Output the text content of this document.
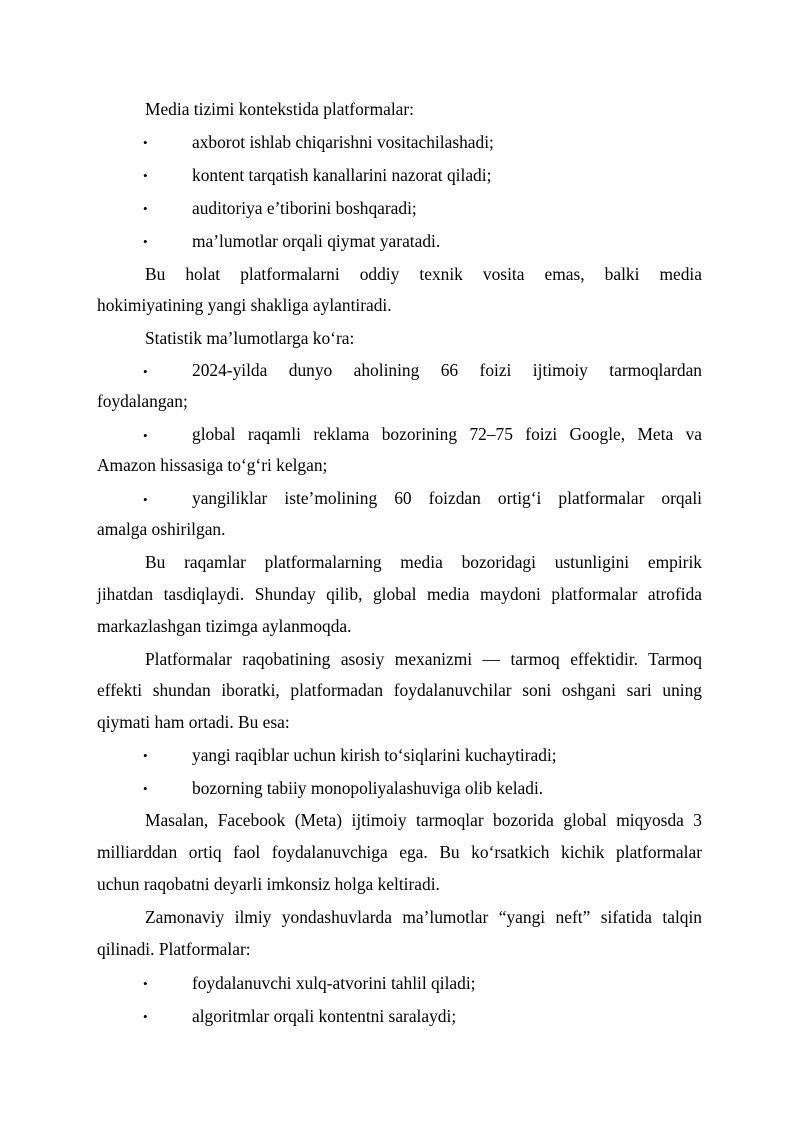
Media tizimi kontekstida platformalar:
•	axborot ishlab chiqarishni vositachilashadi;
•	kontent tarqatish kanallarini nazorat qiladi;
•	auditoriya e’tiborini boshqaradi;
•	ma’lumotlar orqali qiymat yaratadi.
Bu holat platformalarni oddiy texnik vosita emas, balki media
hokimiyatining yangi shakliga aylantiradi.
Statistik ma’lumotlarga ko‘ra:
•	2024-yilda dunyo aholining 66 foizi ijtimoiy tarmoqlardan
foydalangan;
•	global raqamli reklama bozorining 72–75 foizi Google, Meta va
Amazon hissasiga to‘g‘ri kelgan;
•	yangiliklar iste’molining 60 foizdan ortig‘i platformalar orqali
amalga oshirilgan.
Bu raqamlar platformalarning media bozoridagi ustunligini empirik
jihatdan tasdiqlaydi. Shunday qilib, global media maydoni platformalar atrofida
markazlashgan tizimga aylanmoqda.
Platformalar raqobatining asosiy mexanizmi — tarmoq effektidir. Tarmoq
effekti shundan iboratki, platformadan foydalanuvchilar soni oshgani sari uning
qiymati ham ortadi. Bu esa:
•	yangi raqiblar uchun kirish to‘siqlarini kuchaytiradi;
•	bozorning tabiiy monopoliyalashuviga olib keladi.
Masalan, Facebook (Meta) ijtimoiy tarmoqlar bozorida global miqyosda 3
milliarddan ortiq faol foydalanuvchiga ega. Bu ko‘rsatkich kichik platformalar
uchun raqobatni deyarli imkonsiz holga keltiradi.
Zamonaviy ilmiy yondashuvlarda ma’lumotlar “yangi neft” sifatida talqin
qilinadi. Platformalar:
•	foydalanuvchi xulq-atvorini tahlil qiladi;
•	algoritmlar orqali kontentni saralaydi;
